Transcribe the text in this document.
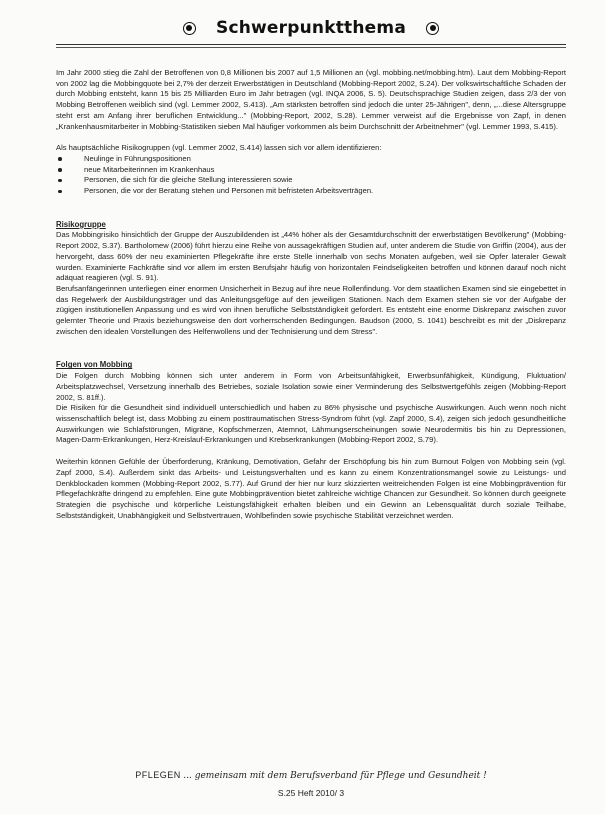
Schwerpunktthema

Im Jahr 2000 stieg die Zahl der Betroffenen von 0,8 Millionen bis 2007 auf 1,5 Millionen an (vgl. mobbing.net/mobbing.htm). Laut dem Mobbing-Report von 2002 lag die Mobbingquote bei 2,7% der derzeit Erwerbstätigen in Deutschland (Mobbing-Report 2002, S.24). Der volkswirtschaftliche Schaden der durch Mobbing entsteht, kann 15 bis 25 Milliarden Euro im Jahr betragen (vgl. INQA 2006, S. 5). Deutschsprachige Studien zeigen, dass 2/3 der von Mobbing Betroffenen weiblich sind (vgl. Lemmer 2002, S.413). „Am stärksten betroffen sind jedoch die unter 25-Jährigen", denn, „...diese Altersgruppe steht erst am Anfang ihrer beruflichen Entwicklung..." (Mobbing-Report, 2002, S.28). Lemmer verweist auf die Ergebnisse von Zapf, in denen „Krankenhausmitarbeiter in Mobbing-Statistiken sieben Mal häufiger vorkommen als beim Durchschnitt der Arbeitnehmer" (vgl. Lemmer 1993, S.415).

Als hauptsächliche Risikogruppen (vgl. Lemmer 2002, S.414) lassen sich vor allem identifizieren:

Neulinge in Führungspositionen
neue Mitarbeiterinnen im Krankenhaus
Personen, die sich für die gleiche Stellung interessieren sowie
Personen, die vor der Beratung stehen und Personen mit befristeten Arbeitsverträgen.

Risikogruppe

Das Mobbingrisiko hinsichtlich der Gruppe der Auszubildenden ist „44% höher als der Gesamtdurchschnitt der erwerbstätigen Bevölkerung" (Mobbing-Report 2002, S.37). Bartholomew (2006) führt hierzu eine Reihe von aussagekräftigen Studien auf, unter anderem die Studie von Griffin (2004), aus der hervorgeht, dass 60% der neu examinierten Pflegekräfte ihre erste Stelle innerhalb von sechs Monaten aufgeben, weil sie Opfer lateraler Gewalt wurden. Examinierte Fachkräfte sind vor allem im ersten Berufsjahr häufig von horizontalen Feindseligkeiten betroffen und können darauf noch nicht adäquat reagieren (vgl. S. 91).

Berufsanfängerinnen unterliegen einer enormen Unsicherheit in Bezug auf ihre neue Rollenfindung. Vor dem staatlichen Examen sind sie eingebettet in das Regelwerk der Ausbildungsträger und das Anleitungsgefüge auf den jeweiligen Stationen. Nach dem Examen stehen sie vor der Aufgabe der zügigen institutionellen Anpassung und es wird von ihnen berufliche Selbstständigkeit gefordert. Es entsteht eine enorme Diskrepanz zwischen zuvor gelernter Theorie und Praxis beziehungsweise den dort vorherrschenden Bedingungen. Baudson (2000, S. 1041) beschreibt es mit der „Diskrepanz zwischen den idealen Vorstellungen des Helfenwollens und der Technisierung und dem Stress".

Folgen von Mobbing

Die Folgen durch Mobbing können sich unter anderem in Form von Arbeitsunfähigkeit, Erwerbsunfähigkeit, Kündigung, Fluktuation/ Arbeitsplatzwechsel, Versetzung innerhalb des Betriebes, soziale Isolation sowie einer Verminderung des Selbstwertgefühls zeigen (Mobbing-Report 2002, S. 81ff.).

Die Risiken für die Gesundheit sind individuell unterschiedlich und haben zu 86% physische und psychische Auswirkungen. Auch wenn noch nicht wissenschaftlich belegt ist, dass Mobbing zu einem posttraumatischen Stress-Syndrom führt (vgl. Zapf 2000, S.4), zeigen sich jedoch gesundheitliche Auswirkungen wie Schlafstörungen, Migräne, Kopfschmerzen, Atemnot, Lähmungserscheinungen sowie Neurodermitis bis hin zu Depressionen, Magen-Darm-Erkrankungen, Herz-Kreislauf-Erkrankungen und Krebserkrankungen (Mobbing-Report 2002, S.79).

Weiterhin können Gefühle der Überforderung, Kränkung, Demotivation, Gefahr der Erschöpfung bis hin zum Burnout Folgen von Mobbing sein (vgl. Zapf 2000, S.4). Außerdem sinkt das Arbeits- und Leistungsverhalten und es kann zu einem Konzentrationsmangel sowie zu Leistungs- und Denkblockaden kommen (Mobbing-Report 2002, S.77). Auf Grund der hier nur kurz skizzierten weitreichenden Folgen ist eine Mobbingprävention für Pflegefachkräfte dringend zu empfehlen. Eine gute Mobbingprävention bietet zahlreiche wichtige Chancen zur Gesundheit. So können durch geeignete Strategien die psychische und körperliche Leistungsfähigkeit erhalten bleiben und ein Gewinn an Lebensqualität durch soziale Teilhabe, Selbstständigkeit, Unabhängigkeit und Selbstvertrauen, Wohlbefinden sowie psychische Stabilität verzeichnet werden.

PFLEGEN ... gemeinsam mit dem Berufsverband für Pflege und Gesundheit !
S.25 Heft 2010/ 3
